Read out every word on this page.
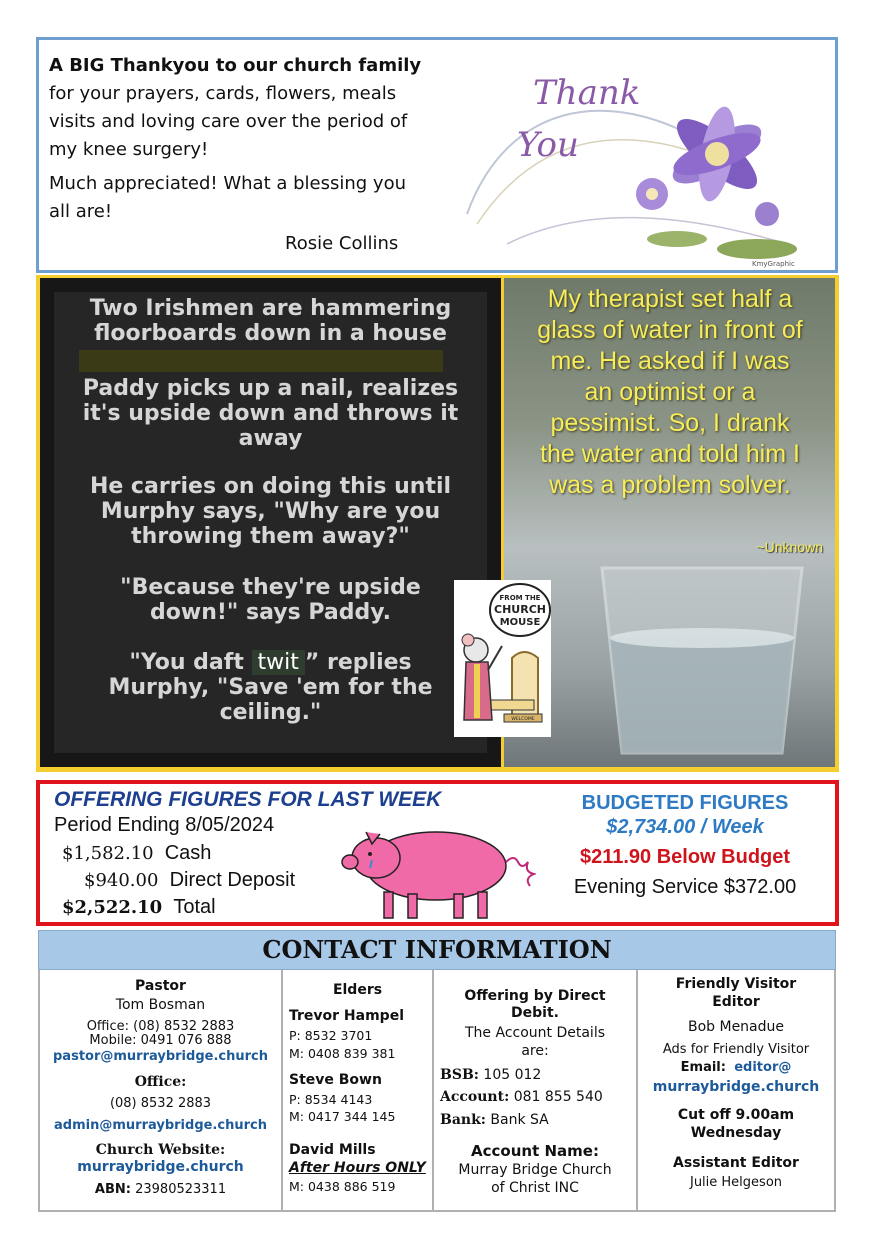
A BIG Thankyou to our church family
for your prayers, cards, flowers, meals
visits and loving care over the period of
my knee surgery!
Much appreciated! What a blessing you
all are!
Rosie Collins
Thank
You
KmyGraphic
Two Irishmen are hammering
floorboards down in a house
Paddy picks up a nail, realizes
it's upside down and throws it
away
He carries on doing this until
Murphy says, "Why are you
throwing them away?"
"Because they're upside
down!" says Paddy.
"You daft twit ” replies
Murphy, "Save 'em for the
ceiling."
My therapist set half a
glass of water in front of
me. He asked if I was
an optimist or a
pessimist. So, I drank
the water and told him I
was a problem solver.
~Unknown
FROM THE
CHURCH
MOUSE
WELCOME
OFFERING FIGURES FOR LAST WEEK
Period Ending 8/05/2024
$1,582.10 Cash
$940.00 Direct Deposit
$2,522.10 Total
BUDGETED FIGURES
$2,734.00 / Week
$211.90 Below Budget
Evening Service $372.00
CONTACT INFORMATION
Pastor
Tom Bosman
Office: (08) 8532 2883
Mobile: 0491 076 888
pastor@murraybridge.church
Office:
(08) 8532 2883
admin@murraybridge.church
Church Website:
murraybridge.church
ABN: 23980523311
Elders
Trevor Hampel
P: 8532 3701
M: 0408 839 381
Steve Bown
P: 8534 4143
M: 0417 344 145
David Mills
After Hours ONLY
M: 0438 886 519
Offering by Direct
Debit.
The Account Details
are:
BSB: 105 012
Account: 081 855 540
Bank: Bank SA
Account Name:
Murray Bridge Church
of Christ INC
Friendly Visitor
Editor
Bob Menadue
Ads for Friendly Visitor
Email: editor@
murraybridge.church
Cut off 9.00am
Wednesday
Assistant Editor
Julie Helgeson
